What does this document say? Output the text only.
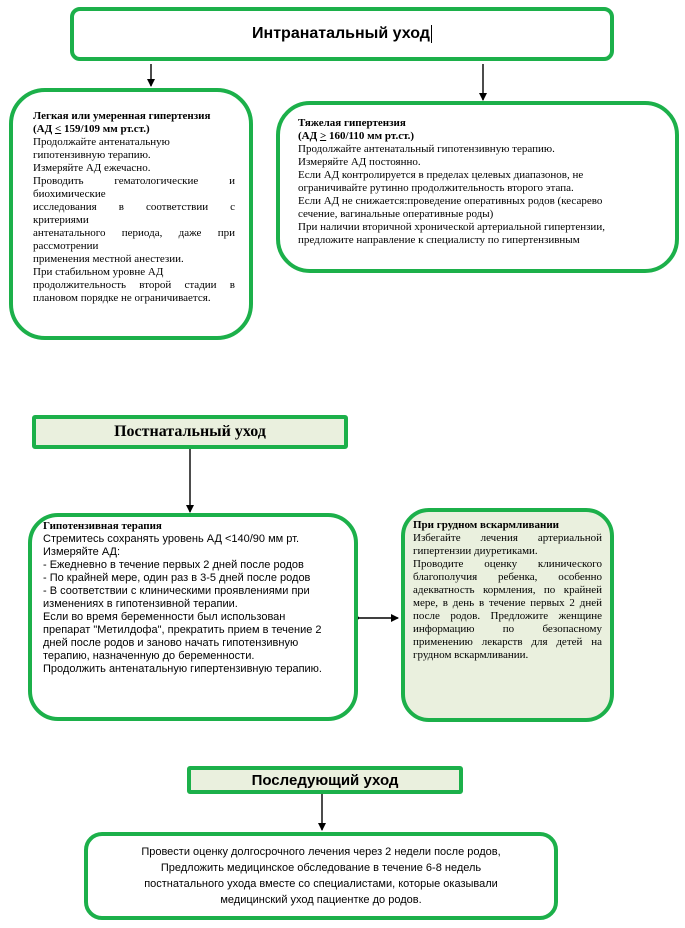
Интранатальный уход

Легкая или умеренная гипертензия

(АД < 159/109 мм рт.ст.)

Продолжайте антенатальную

гипотензивную терапию.

Измеряйте АД ежечасно.

Проводить гематологические и

биохимические

исследования в соответствии с

критериями

антенатального периода, даже при

рассмотрении

применения местной анестезии.

При стабильном уровне АД

продолжительность второй стадии в

плановом порядке не ограничивается.

Тяжелая гипертензия

(АД > 160/110 мм рт.ст.)

Продолжайте антенатальный гипотензивную терапию.

Измеряйте АД постоянно.

Если АД контролируется в пределах целевых диапазонов, не

ограничивайте рутинно продолжительность второго этапа.

Если АД не снижается:проведение оперативных родов (кесарево

сечение, вагинальные оперативные роды)

При наличии вторичной хронической артериальной гипертензии,

предложите направление к специалисту по гипертензивным

Постнатальный уход

Гипотензивная терапия

Стремитесь сохранять уровень АД <140/90 мм рт.

Измеряйте АД:

- Ежедневно в течение первых 2 дней после родов

- По крайней мере, один раз в 3-5 дней после родов

- В соответствии с клиническими проявлениями при

изменениях в гипотензивной терапии.

Если во время беременности был использован

препарат "Метилдофа", прекратить прием в течение 2

дней после родов и заново начать гипотензивную

терапию, назначенную до беременности.

Продолжить антенатальную гипертензивную терапию.

При грудном вскармливании

Избегайте лечения артериальной

гипертензии диуретиками.

Проводите оценку клинического

благополучия ребенка, особенно

адекватность кормления, по крайней

мере, в день в течение первых 2 дней

после родов. Предложите женщине

информацию по безопасному

применению лекарств для детей на

грудном вскармливании.

Последующий уход

Провести оценку долгосрочного лечения через 2 недели после родов,

Предложить медицинское обследование в течение 6-8 недель

постнатального ухода вместе со специалистами, которые оказывали

медицинский уход пациентке до родов.
